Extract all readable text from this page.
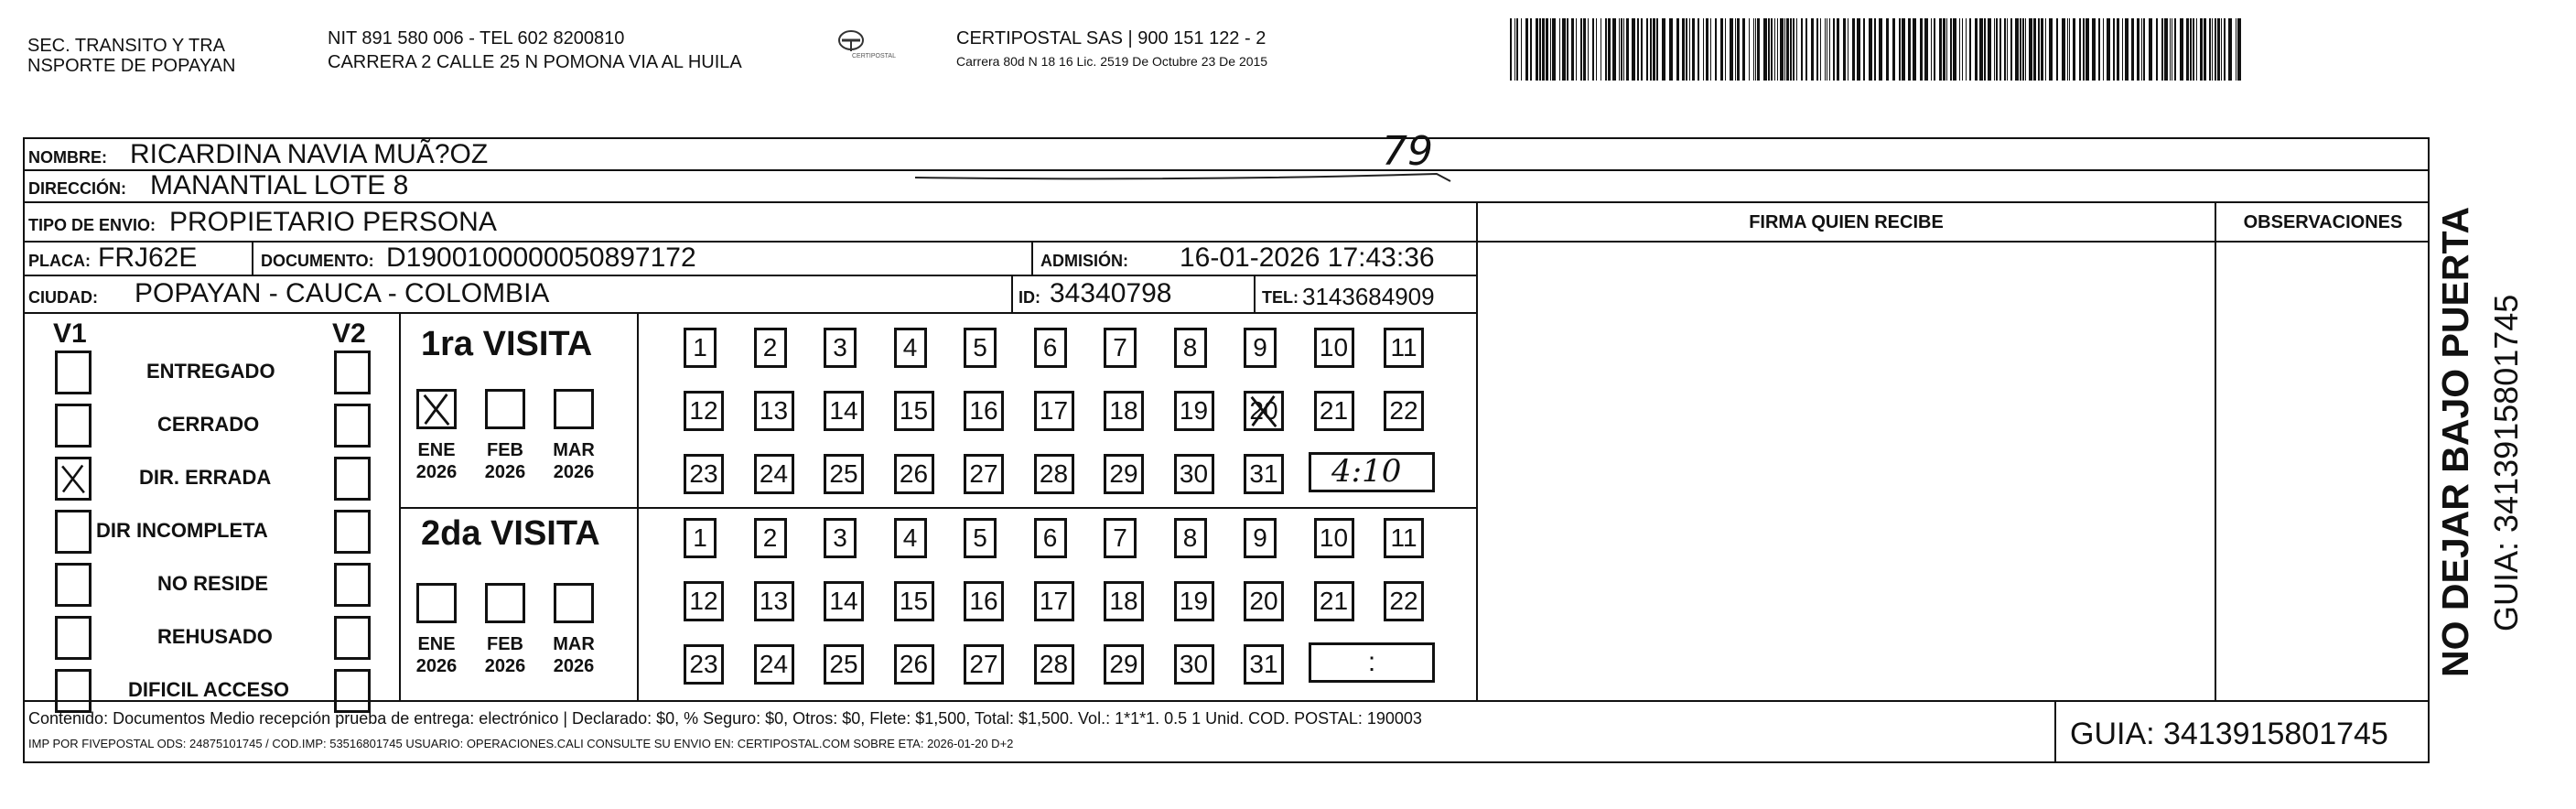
SEC. TRANSITO Y TRA
NSPORTE DE POPAYAN
NIT 891 580 006 - TEL 602 8200810
CARRERA 2 CALLE 25 N POMONA VIA AL HUILA	CERTIPOSTAL
CERTIPOSTAL SAS | 900 151 122 - 2
Carrera 80d N 18 16 Lic. 2519 De Octubre 23 De 2015
NOMBRE: RICARDINA NAVIA MUÃ?OZ	79
DIRECCIÓN: MANANTIAL LOTE 8
TIPO DE ENVIO: PROPIETARIO PERSONA
PLACA: FRJ62E	DOCUMENTO: D1900100000050897172	ADMISIÓN: 16-01-2026 17:43:36
CIUDAD: POPAYAN - CAUCA - COLOMBIA	ID: 34340798	TEL: 3143684909
FIRMA QUIEN RECIBE	OBSERVACIONES
V1	V2
ENTREGADO
CERRADO
DIR. ERRADA
DIR INCOMPLETA
NO RESIDE
REHUSADO
DIFICIL ACCESO
1ra VISITA
2da VISITA
ENE
2026
FEB
2026
MAR
2026
ENE
2026
FEB
2026
MAR
2026
1	2	3	4	5	6	7	8	9	10 11
12 13 14 15 16 17 18 19 20 21 22
23 24 25 26 27 28 29 30 31
1	2	3	4	5	6	7	8	9	10 11
12 13 14 15 16 17 18 19 20 21 22
23 24 25 26 27 28 29 30 31
4:10
:
Contenido: Documentos Medio recepción prueba de entrega: electrónico | Declarado: $0, % Seguro: $0, Otros: $0, Flete: $1,500, Total: $1,500. Vol.: 1*1*1. 0.5 1 Unid. COD. POSTAL: 190003
IMP POR FIVEPOSTAL ODS: 24875101745 / COD.IMP: 53516801745 USUARIO: OPERACIONES.CALI CONSULTE SU ENVIO EN: CERTIPOSTAL.COM SOBRE ETA: 2026-01-20 D+2	GUIA: 3413915801745
NO DEJAR BAJO PUERTA GUIA: 3413915801745
